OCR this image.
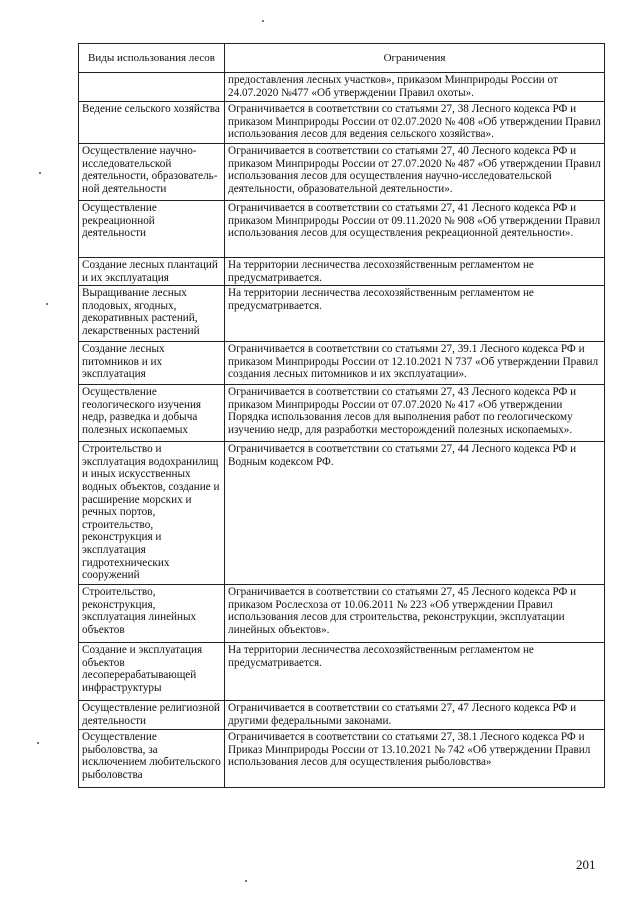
Виды использования лесов	Ограничения
	предоставления лесных участков», приказом Минприроды России от 24.07.2020 №477 «Об утверждении Правил охоты».
Ведение сельского хозяйства	Ограничивается в соответствии со статьями 27, 38 Лесного кодекса РФ и приказом Минприроды России от 02.07.2020 № 408 «Об утверждении Правил использования лесов для ведения сельского хозяйства».
Осуществление научно-исследовательской деятельности, образователь-ной деятельности	Ограничивается в соответствии со статьями 27, 40 Лесного кодекса РФ и приказом Минприроды России от 27.07.2020 № 487 «Об утверждении Правил использования лесов для осуществления научно-исследовательской деятельности, образовательной деятельности».
Осуществление рекреационной деятельности	Ограничивается в соответствии со статьями 27, 41 Лесного кодекса РФ и приказом Минприроды России от 09.11.2020 № 908 «Об утверждении Правил использования лесов для осуществления рекреационной деятельности».
Создание лесных плантаций и их эксплуатация	На территории лесничества лесохозяйственным регламентом не предусматривается.
Выращивание лесных плодовых, ягодных, декоративных растений, лекарственных растений	На территории лесничества лесохозяйственным регламентом не предусматривается.
Создание лесных питомников и их эксплуатация	Ограничивается в соответствии со статьями 27, 39.1 Лесного кодекса РФ и приказом Минприроды России от 12.10.2021 N 737 «Об утверждении Правил создания лесных питомников и их эксплуатации».
Осуществление геологического изучения недр, разведка и добыча полезных ископаемых	Ограничивается в соответствии со статьями 27, 43 Лесного кодекса РФ и приказом Минприроды России от 07.07.2020 № 417 «Об утверждении Порядка использования лесов для выполнения работ по геологическому изучению недр, для разработки месторождений полезных ископаемых».
Строительство и эксплуатация водохранилищ и иных искусственных водных объектов, создание и расширение морских и речных портов, строительство, реконструкция и эксплуатация гидротехнических сооружений	Ограничивается в соответствии со статьями 27, 44 Лесного кодекса РФ и Водным кодексом РФ.
Строительство, реконструкция, эксплуатация линейных объектов	Ограничивается в соответствии со статьями 27, 45 Лесного кодекса РФ и приказом Рослесхоза от 10.06.2011 № 223 «Об утверждении Правил использования лесов для строительства, реконструкции, эксплуатации линейных объектов».
Создание и эксплуатация объектов лесоперерабатывающей инфраструктуры	На территории лесничества лесохозяйственным регламентом не предусматривается.
Осуществление религиозной деятельности	Ограничивается в соответствии со статьями 27, 47 Лесного кодекса РФ и другими федеральными законами.
Осуществление рыболовства, за исключением любительского рыболовства	Ограничивается в соответствии со статьями 27, 38.1 Лесного кодекса РФ и Приказ Минприроды России от 13.10.2021 № 742 «Об утверждении Правил использования лесов для осуществления рыболовства»
201
